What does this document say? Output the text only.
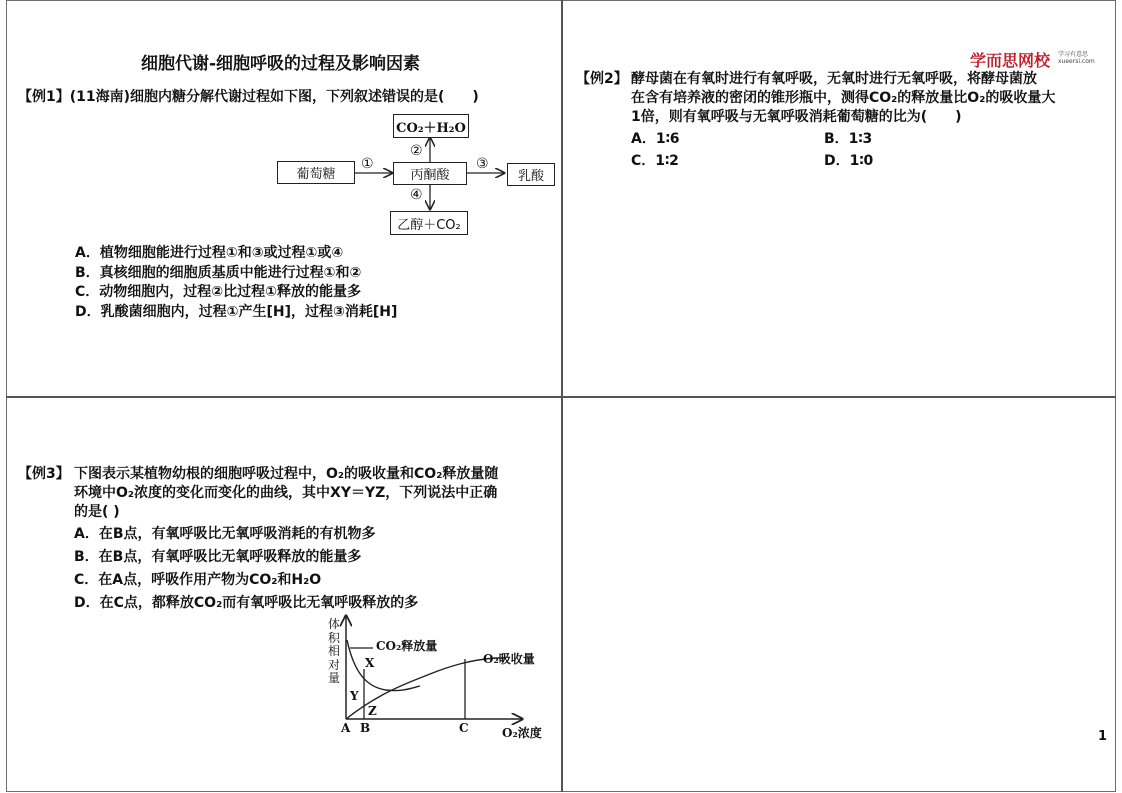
细胞代谢-细胞呼吸的过程及影响因素
【例1】(11海南)细胞内糖分解代谢过程如下图，下列叙述错误的是(　　)
CO₂＋H₂O
葡萄糖	丙酮酸	乳酸
乙醇＋CO₂
①
②
③
④
A．植物细胞能进行过程①和③或过程①或④
B．真核细胞的细胞质基质中能进行过程①和②
C．动物细胞内，过程②比过程①释放的能量多
D．乳酸菌细胞内，过程①产生[H]，过程③消耗[H]
学而思网校 学习有意思
xueersi.com
【例2】 酵母菌在有氧时进行有氧呼吸，无氧时进行无氧呼吸，将酵母菌放
在含有培养液的密闭的锥形瓶中，测得CO₂的释放量比O₂的吸收量大
1倍，则有氧呼吸与无氧呼吸消耗葡萄糖的比为(　　)
A．1∶6	B．1∶3
C．1∶2	D．1∶0
【例3】 下图表示某植物幼根的细胞呼吸过程中，O₂的吸收量和CO₂释放量随
环境中O₂浓度的变化而变化的曲线，其中XY＝YZ，下列说法中正确
的是( )
A．在B点，有氧呼吸比无氧呼吸消耗的有机物多
B．在B点，有氧呼吸比无氧呼吸释放的能量多
C．在A点，呼吸作用产物为CO₂和H₂O
D．在C点，都释放CO₂而有氧呼吸比无氧呼吸释放的多
体
积
相
对
量
CO₂释放量
O₂吸收量
X
Y
Z
A B	C	O₂浓度	1
